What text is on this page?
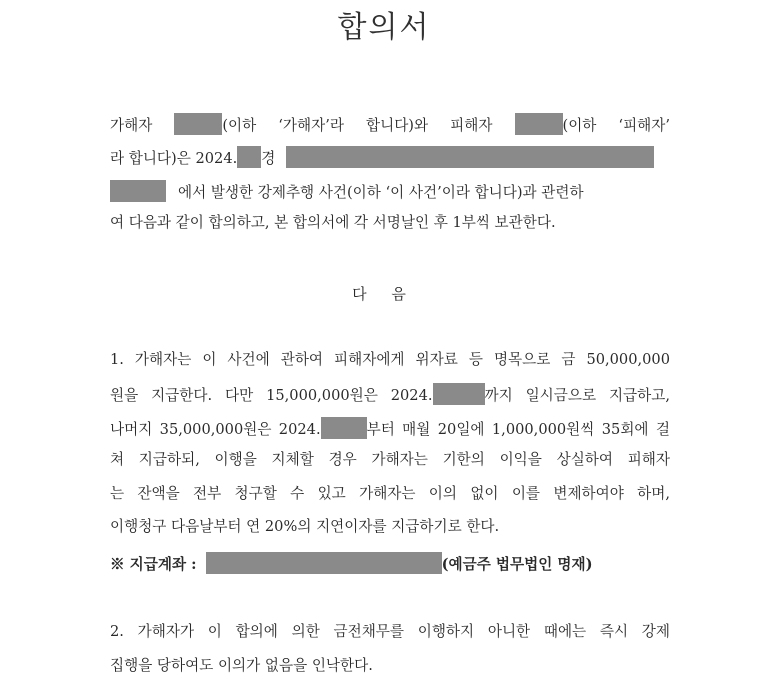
합의서
가해자	(이하 ‘가해자’라 합니다)와 피해자	(이하 ‘피해자’
라 합니다)은 2024. 경
에서 발생한 강제추행 사건(이하 ‘이 사건’이라 합니다)과 관련하
여 다음과 같이 합의하고, 본 합의서에 각 서명날인 후 1부씩 보관한다.
다 음
1. 가해자는 이 사건에 관하여 피해자에게 위자료 등 명목으로 금 50,000,000
원을 지급한다. 다만 15,000,000원은 2024.	까지 일시금으로 지급하고,
나머지 35,000,000원은 2024.	부터 매월 20일에 1,000,000원씩 35회에 걸
쳐 지급하되, 이행을 지체할 경우 가해자는 기한의 이익을 상실하여 피해자
는 잔액을 전부 청구할 수 있고 가해자는 이의 없이 이를 변제하여야 하며,
이행청구 다음날부터 연 20%의 지연이자를 지급하기로 한다.
※ 지급계좌 :	(예금주 법무법인 명재)
2. 가해자가 이 합의에 의한 금전채무를 이행하지 아니한 때에는 즉시 강제
집행을 당하여도 이의가 없음을 인낙한다.
